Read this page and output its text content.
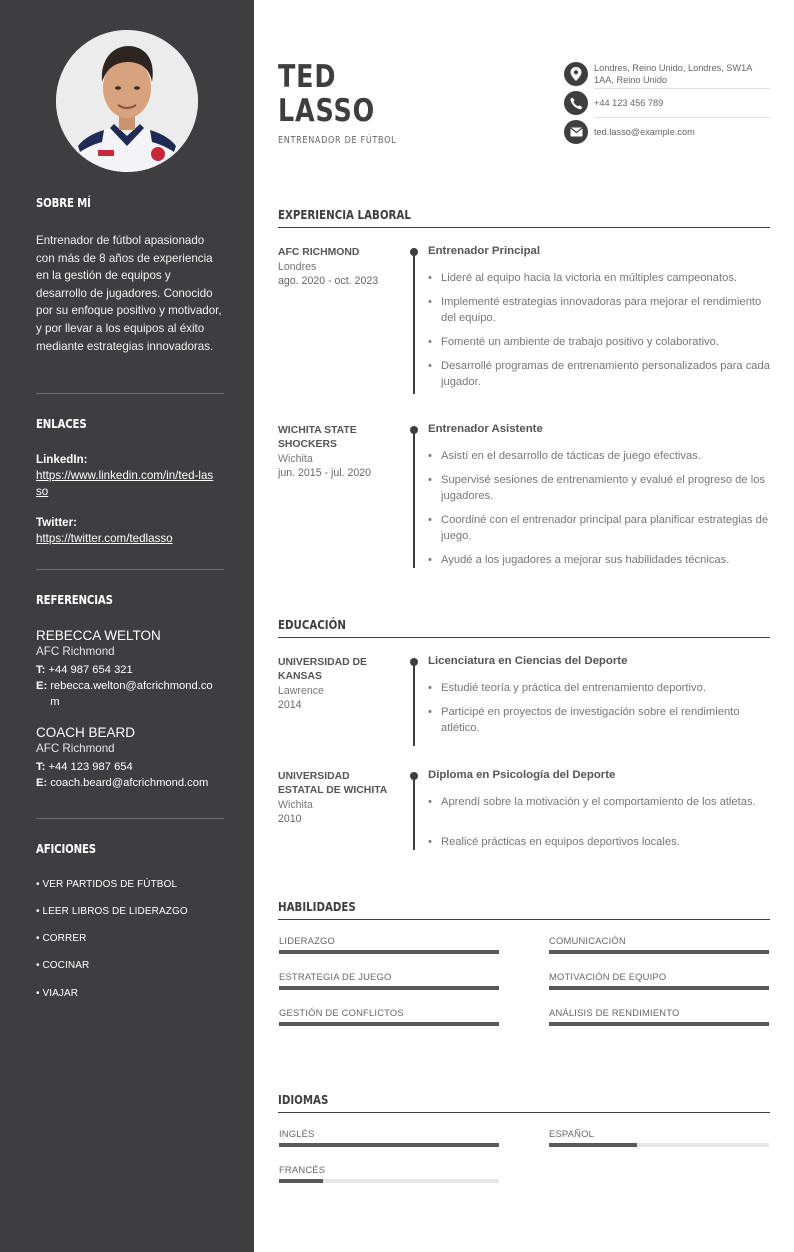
SOBRE MÍ
Entrenador de fútbol apasionado con más de 8 años de experiencia en la gestión de equipos y desarrollo de jugadores. Conocido por su enfoque positivo y motivador, y por llevar a los equipos al éxito mediante estrategias innovadoras.
ENLACES
LinkedIn:
https://www.linkedin.com/in/ted-lasso
Twitter:
https://twitter.com/tedlasso
REFERENCIAS
REBECCA WELTON
AFC Richmond
T: +44 987 654 321
E: rebecca.welton@afcrichmond.com
COACH BEARD
AFC Richmond
T: +44 123 987 654
E: coach.beard@afcrichmond.com
AFICIONES
• VER PARTIDOS DE FÚTBOL
• LEER LIBROS DE LIDERAZGO
• CORRER
• COCINAR
• VIAJAR
TED
LASSO
ENTRENADOR DE FÚTBOL
Londres, Reino Unido, Londres, SW1A 1AA, Reino Unido
+44 123 456 789
ted.lasso@example.com
EXPERIENCIA LABORAL
AFC RICHMOND
Londres
ago. 2020 - oct. 2023
Entrenador Principal
• Lideré al equipo hacia la victoria en múltiples campeonatos.
• Implementé estrategias innovadoras para mejorar el rendimiento del equipo.
• Fomenté un ambiente de trabajo positivo y colaborativo.
• Desarrollé programas de entrenamiento personalizados para cada jugador.
WICHITA STATE SHOCKERS
Wichita
jun. 2015 - jul. 2020
Entrenador Asistente
• Asistí en el desarrollo de tácticas de juego efectivas.
• Supervisé sesiones de entrenamiento y evalué el progreso de los jugadores.
• Coordiné con el entrenador principal para planificar estrategias de juego.
• Ayudé a los jugadores a mejorar sus habilidades técnicas.
EDUCACIÓN
UNIVERSIDAD DE KANSAS
Lawrence
2014
Licenciatura en Ciencias del Deporte
• Estudié teoría y práctica del entrenamiento deportivo.
• Participé en proyectos de investigación sobre el rendimiento atlético.
UNIVERSIDAD ESTATAL DE WICHITA
Wichita
2010
Diploma en Psicología del Deporte
• Aprendí sobre la motivación y el comportamiento de los atletas.
• Realicé prácticas en equipos deportivos locales.
HABILIDADES
LIDERAZGO	COMUNICACIÓN
ESTRATEGIA DE JUEGO	MOTIVACIÓN DE EQUIPO
GESTIÓN DE CONFLICTOS	ANÁLISIS DE RENDIMIENTO
IDIOMAS
INGLÉS	ESPAÑOL
FRANCÉS
